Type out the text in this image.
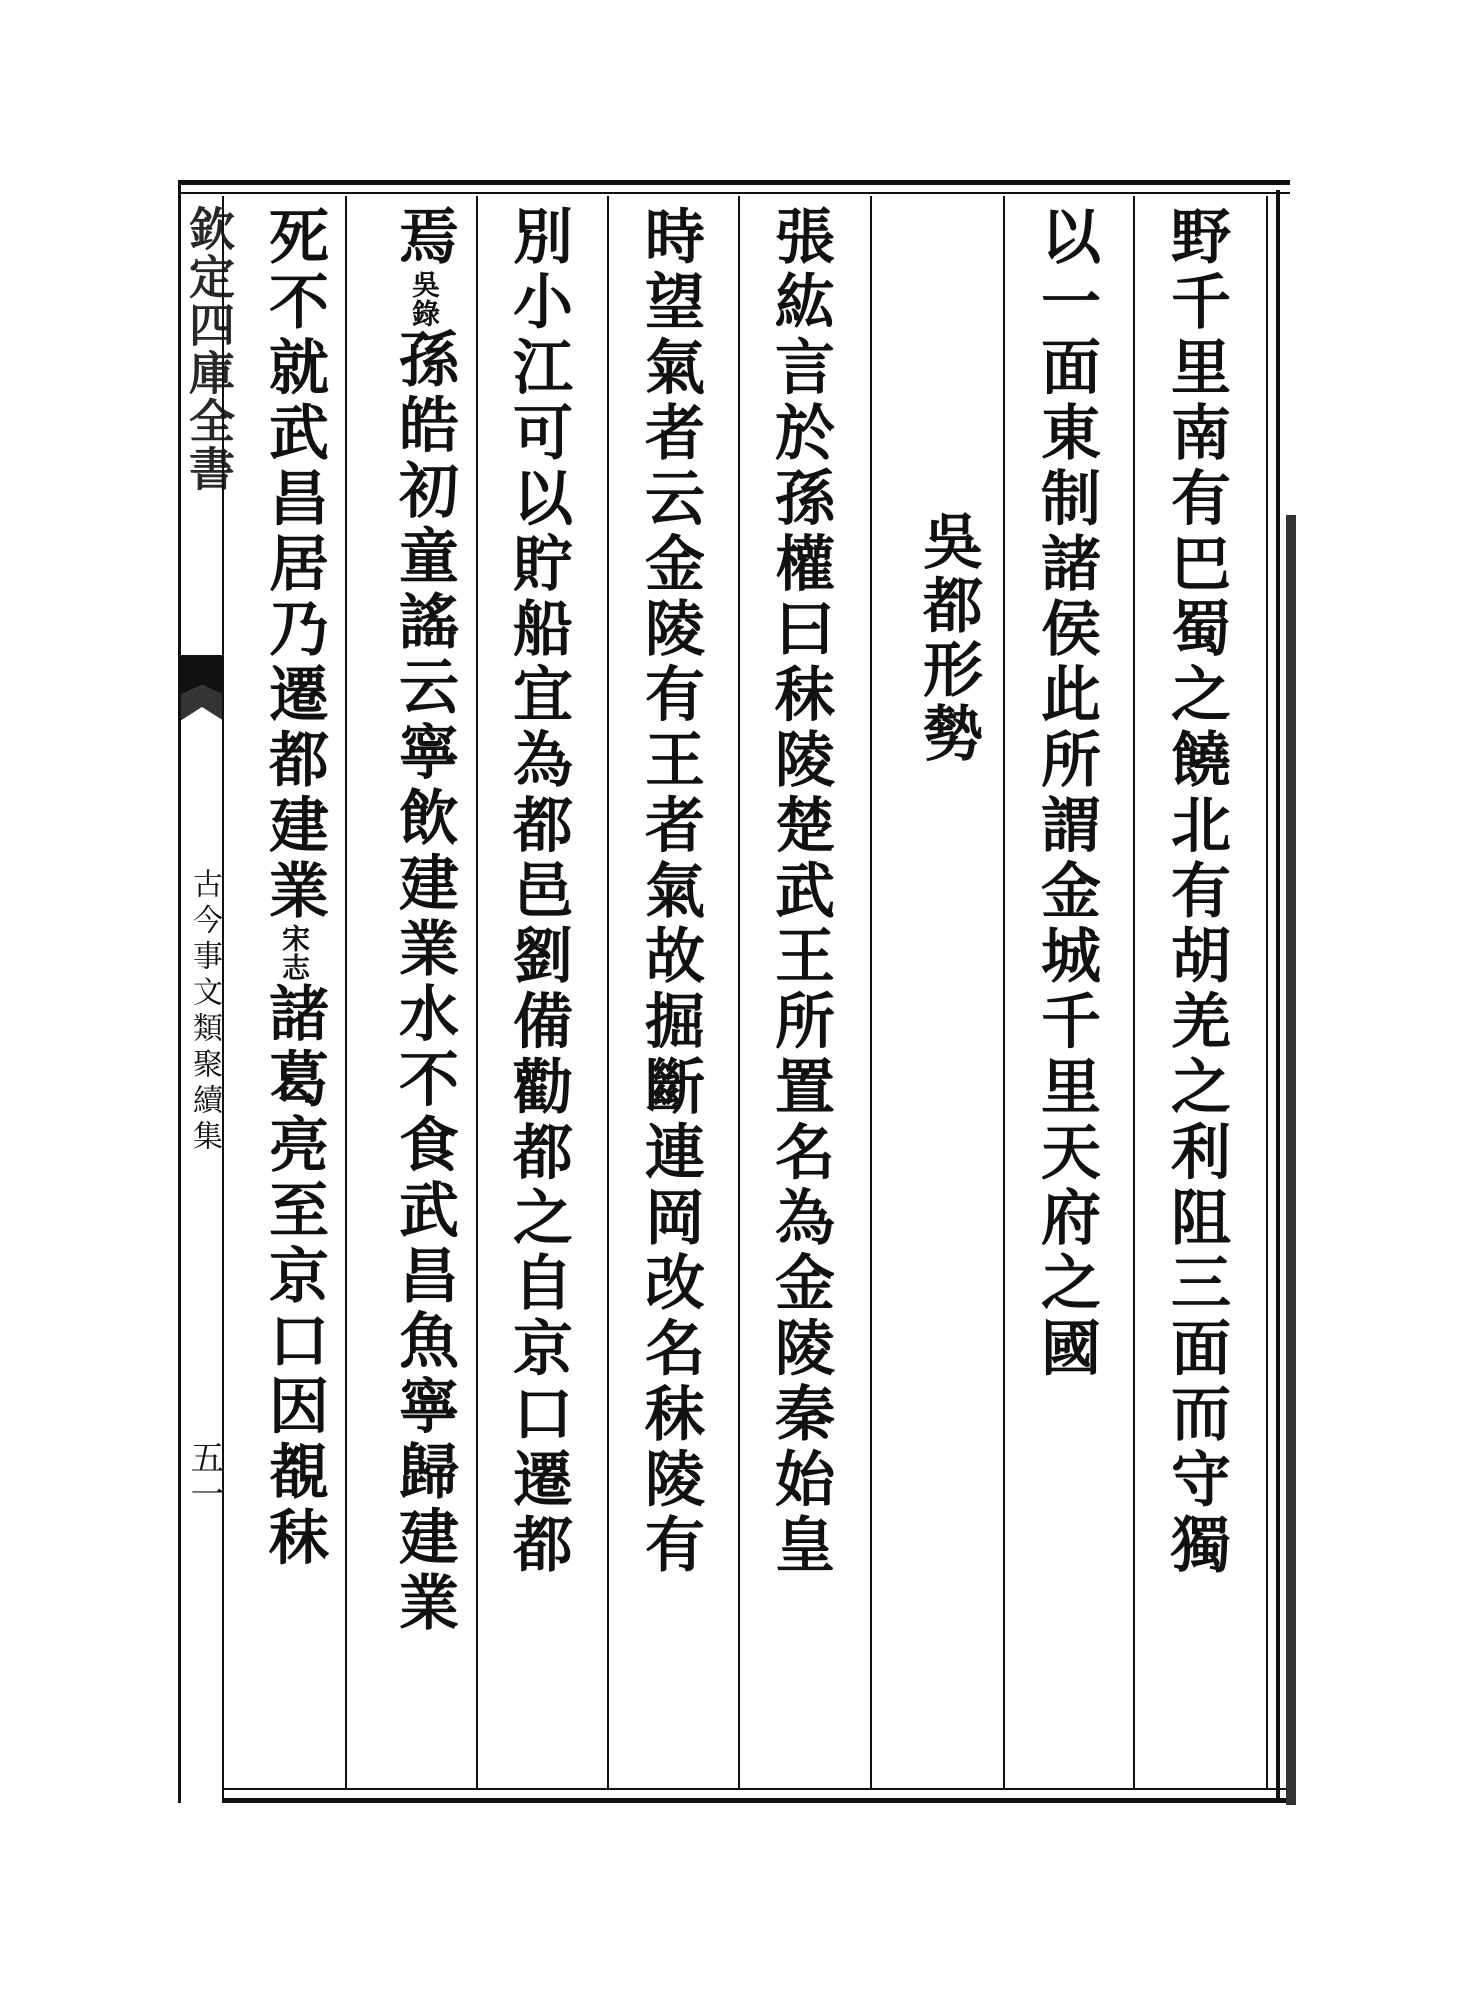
欽定四庫全書
古今事文類聚續集
五一	野千里南有巴蜀之饒北有胡羌之利阻三面而守獨
以一面東制諸侯此所謂金城千里天府之國
張紘言於孫權曰秣陵楚武王所置名為金陵秦始皇
時望氣者云金陵有王者氣故掘斷連岡改名秣陵有
別小江可以貯船宜為都邑劉備勸都之自京口遷都
焉吳錄孫皓初童謠云寧飲建業水不食武昌魚寧歸建業
死不就武昌居乃遷都建業宋志諸葛亮至京口因覩秣
吳都形勢
